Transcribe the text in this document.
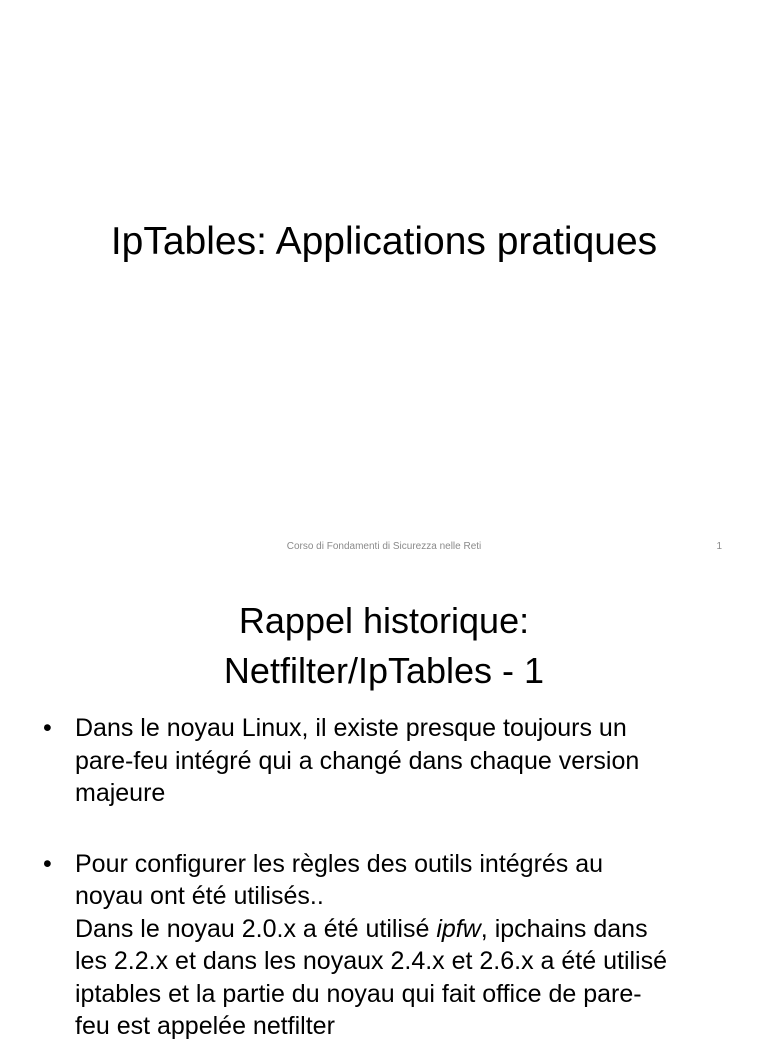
IpTables: Applications pratiques
Corso di Fondamenti di Sicurezza nelle Reti	1
Rappel historique:
Netfilter/IpTables - 1
• Dans le noyau Linux, il existe presque toujours un
pare-feu intégré qui a changé dans chaque version
majeure
• Pour configurer les règles des outils intégrés au
noyau ont été utilisés..
Dans le noyau 2.0.x a été utilisé ipfw, ipchains dans
les 2.2.x et dans les noyaux 2.4.x et 2.6.x a été utilisé
iptables et la partie du noyau qui fait office de pare-
feu est appelée netfilter
